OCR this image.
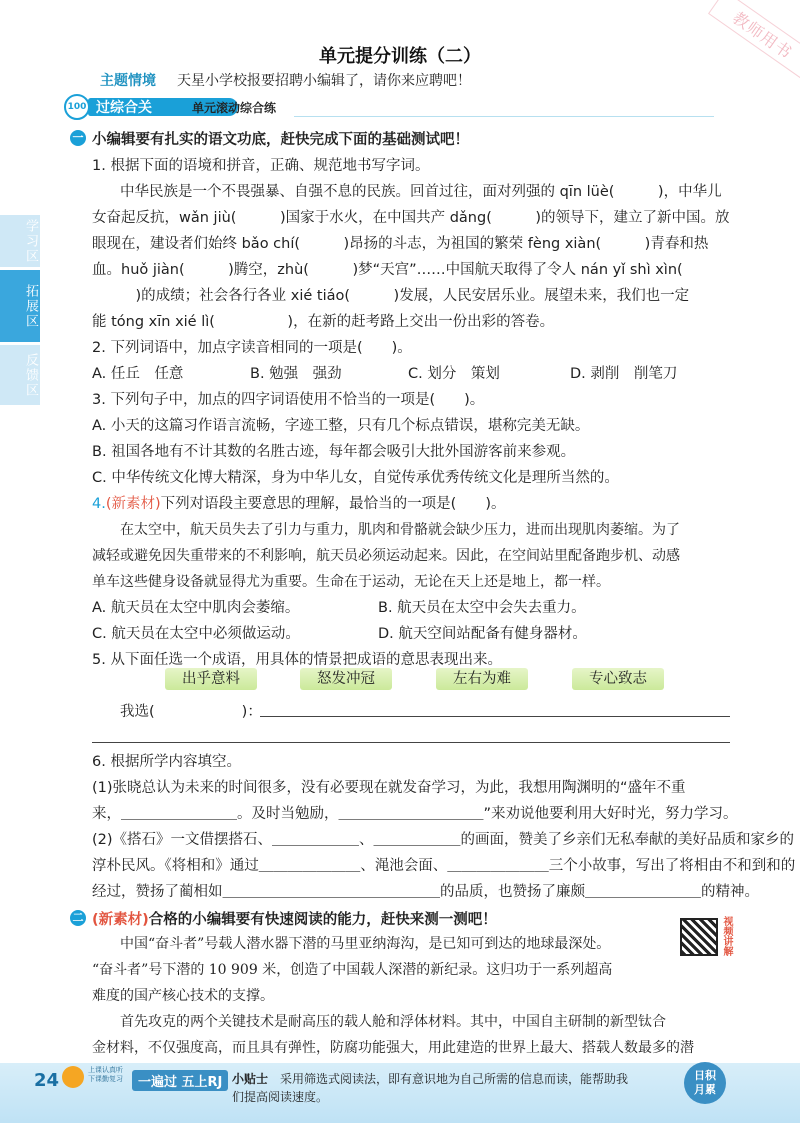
教师用书
单元提分训练（二）
主题情境 天星小学校报要招聘小编辑了，请你来应聘吧！
100 过综合关	单元滚动综合练
学习区
拓展区
反馈区
一 小编辑要有扎实的语文功底，赶快完成下面的基础测试吧！
1. 根据下面的语境和拼音，正确、规范地书写字词。
中华民族是一个不畏强暴、自强不息的民族。回首过往，面对列强的 qīn lüè(　　　)，中华儿
女奋起反抗，wǎn jiù(　　　)国家于水火，在中国共产 dǎng(　　　)的领导下，建立了新中国。放
眼现在，建设者们始终 bǎo chí(　　　)昂扬的斗志，为祖国的繁荣 fèng xiàn(　　　)青春和热
血。huǒ jiàn(　　　)腾空，zhù(　　　)梦“天宫”……中国航天取得了令人 nán yǐ shì xìn(
　　　)的成绩；社会各行各业 xié tiáo(　　　)发展，人民安居乐业。展望未来，我们也一定
能 tóng xīn xié lì(　　　　　)，在新的赶考路上交出一份出彩的答卷。
2. 下列词语中，加点字读音相同的一项是(　　)。
A. 任丘　任意	B. 勉强　强劲	C. 划分　策划	D. 剥削　削笔刀
3. 下列句子中，加点的四字词语使用不恰当的一项是(　　)。
A. 小天的这篇习作语言流畅，字迹工整，只有几个标点错误，堪称完美无缺。
B. 祖国各地有不计其数的名胜古迹，每年都会吸引大批外国游客前来参观。
C. 中华传统文化博大精深，身为中华儿女，自觉传承优秀传统文化是理所当然的。
4.(新素材)下列对语段主要意思的理解，最恰当的一项是(　　)。
在太空中，航天员失去了引力与重力，肌肉和骨骼就会缺少压力，进而出现肌肉萎缩。为了
减轻或避免因失重带来的不利影响，航天员必须运动起来。因此，在空间站里配备跑步机、动感
单车这些健身设备就显得尤为重要。生命在于运动，无论在天上还是地上，都一样。
A. 航天员在太空中肌肉会萎缩。	B. 航天员在太空中会失去重力。
C. 航天员在太空中必须做运动。	D. 航天空间站配备有健身器材。
5. 从下面任选一个成语，用具体的情景把成语的意思表现出来。
出乎意料	怒发冲冠	左右为难	专心致志
我选(　　　　　　)：
6. 根据所学内容填空。
(1)张晓总认为未来的时间很多，没有必要现在就发奋学习，为此，我想用陶渊明的“盛年不重
来，＿＿＿＿＿＿＿＿。及时当勉励，＿＿＿＿＿＿＿＿＿＿”来劝说他要利用大好时光，努力学习。
(2)《搭石》一文借摆搭石、＿＿＿＿＿＿、＿＿＿＿＿＿的画面，赞美了乡亲们无私奉献的美好品质和家乡的
淳朴民风。《将相和》通过＿＿＿＿＿＿＿、渑池会面、＿＿＿＿＿＿＿三个小故事，写出了将相由不和到和的
经过，赞扬了蔺相如＿＿＿＿＿＿＿＿＿＿＿＿＿＿＿的品质，也赞扬了廉颇＿＿＿＿＿＿＿＿的精神。
二 (新素材)合格的小编辑要有快速阅读的能力，赶快来测一测吧！	视频讲解
中国“奋斗者”号载人潜水器下潜的马里亚纳海沟，是已知可到达的地球最深处。
“奋斗者”号下潜的 10 909 米，创造了中国载人深潜的新纪录。这归功于一系列超高
难度的国产核心技术的支撑。
首先攻克的两个关键技术是耐高压的载人舱和浮体材料。其中，中国自主研制的新型钛合
金材料，不仅强度高，而且具有弹性，防腐功能强大，用此建造的世界上最大、搭载人数最多的潜
24	上课认真听 下课勤复习	一遍过 五上RJ 小贴士 采用筛选式阅读法，即有意识地为自己所需的信息而读，能帮助我
们提高阅读速度。
日积月累
